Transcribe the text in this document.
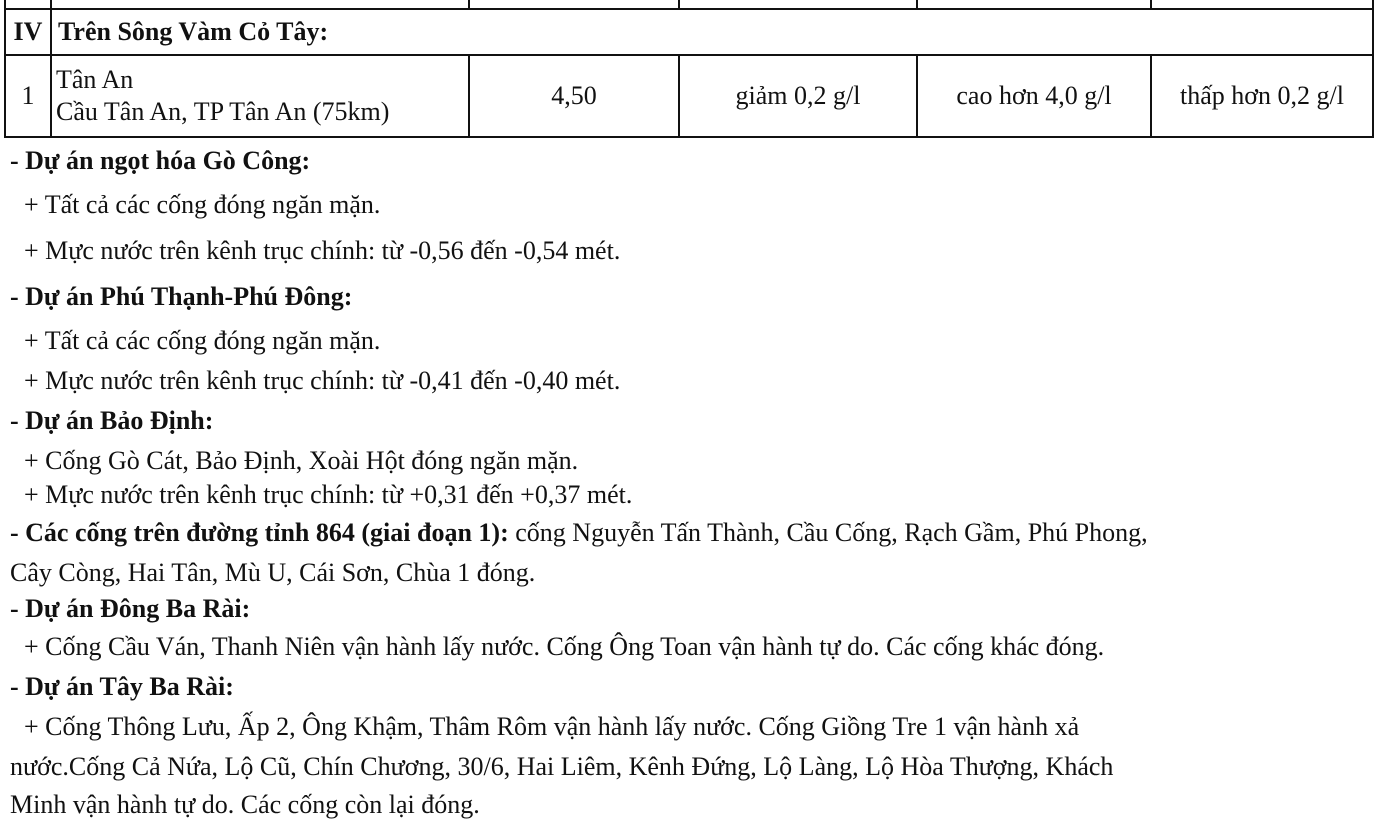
IV	Trên Sông Vàm Cỏ Tây:				
1	Tân An
Cầu Tân An, TP Tân An (75km)	4,50	giảm 0,2 g/l	cao hơn 4,0 g/l	thấp hơn 0,2 g/l
- Dự án ngọt hóa Gò Công:
+ Tất cả các cống đóng ngăn mặn.
+ Mực nước trên kênh trục chính: từ -0,56 đến -0,54 mét.
- Dự án Phú Thạnh-Phú Đông:
+ Tất cả các cống đóng ngăn mặn.
+ Mực nước trên kênh trục chính: từ -0,41 đến -0,40 mét.
- Dự án Bảo Định:
+ Cống Gò Cát, Bảo Định, Xoài Hột đóng ngăn mặn.
+ Mực nước trên kênh trục chính: từ +0,31 đến +0,37 mét.
- Các cống trên đường tỉnh 864 (giai đoạn 1): cống Nguyễn Tấn Thành, Cầu Cống, Rạch Gầm, Phú Phong,
Cây Còng, Hai Tân, Mù U, Cái Sơn, Chùa 1 đóng.
- Dự án Đông Ba Rài:
+ Cống Cầu Ván, Thanh Niên vận hành lấy nước. Cống Ông Toan vận hành tự do. Các cống khác đóng.
- Dự án Tây Ba Rài:
+ Cống Thông Lưu, Ấp 2, Ông Khậm, Thâm Rôm vận hành lấy nước. Cống Giồng Tre 1 vận hành xả
nước.Cống Cả Nứa, Lộ Cũ, Chín Chương, 30/6, Hai Liêm, Kênh Đứng, Lộ Làng, Lộ Hòa Thượng, Khách
Minh vận hành tự do. Các cống còn lại đóng.
